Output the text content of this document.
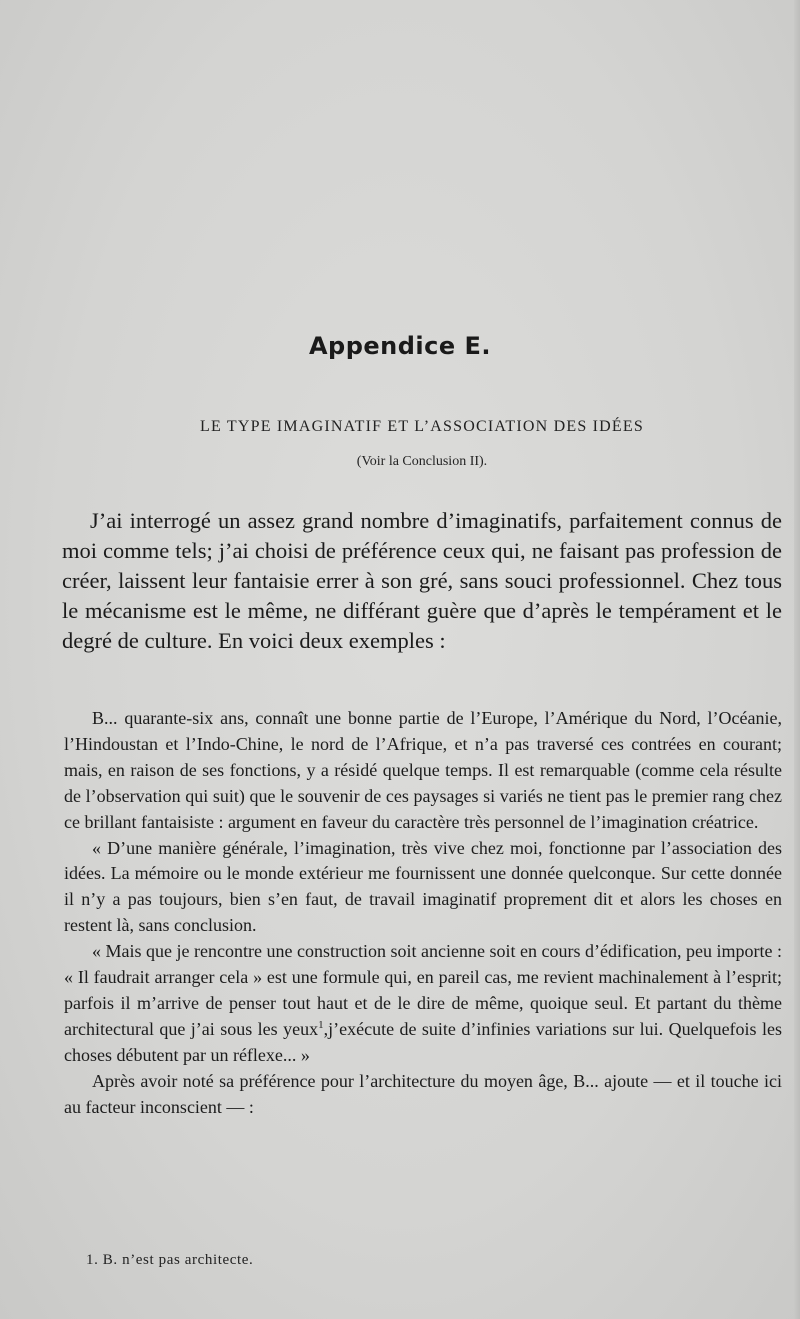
Appendice E.
LE TYPE IMAGINATIF ET L’ASSOCIATION DES IDÉES
(Voir la Conclusion II).

J’ai interrogé un assez grand nombre d’imaginatifs, parfaitement connus de moi comme tels; j’ai choisi de préférence ceux qui, ne faisant pas profession de créer, laissent leur fantaisie errer à son gré, sans souci professionnel. Chez tous le mécanisme est le même, ne différant guère que d’après le tempérament et le degré de culture. En voici deux exemples :

B... quarante-six ans, connaît une bonne partie de l’Europe, l’Amérique du Nord, l’Océanie, l’Hindoustan et l’Indo-Chine, le nord de l’Afrique, et n’a pas traversé ces contrées en courant; mais, en raison de ses fonctions, y a résidé quelque temps. Il est remarquable (comme cela résulte de l’observation qui suit) que le souvenir de ces paysages si variés ne tient pas le premier rang chez ce brillant fantaisiste : argument en faveur du caractère très personnel de l’imagination créatrice.

« D’une manière générale, l’imagination, très vive chez moi, fonctionne par l’association des idées. La mémoire ou le monde extérieur me fournissent une donnée quelconque. Sur cette donnée il n’y a pas toujours, bien s’en faut, de travail imaginatif proprement dit et alors les choses en restent là, sans conclusion.

« Mais que je rencontre une construction soit ancienne soit en cours d’édification, peu importe : « Il faudrait arranger cela » est une formule qui, en pareil cas, me revient machinalement à l’esprit; parfois il m’arrive de penser tout haut et de le dire de même, quoique seul. Et partant du thème architectural que j’ai sous les yeux$^1$,j’exécute de suite d’infinies variations sur lui. Quelquefois les choses débutent par un réflexe... »

Après avoir noté sa préférence pour l’architecture du moyen âge, B... ajoute — et il touche ici au facteur inconscient — :

1. B. n’est pas architecte.
